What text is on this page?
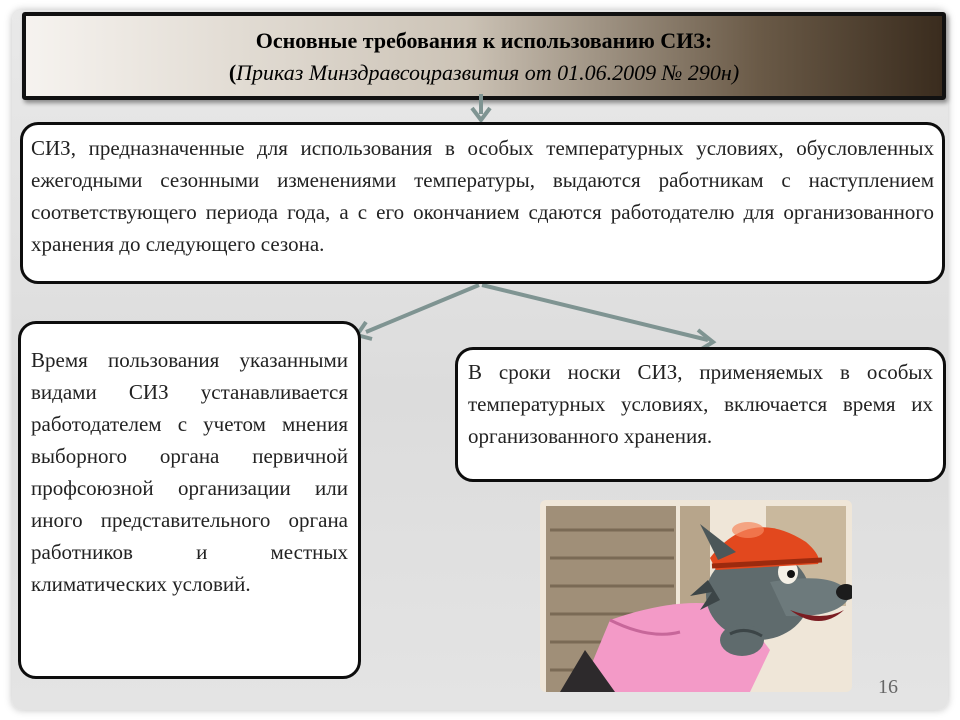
Основные требования к использованию СИЗ:
(Приказ Минздравсоцразвития от 01.06.2009 № 290н)
СИЗ, предназначенные для использования в особых температурных условиях, обусловленных ежегодными сезонными изменениями температуры, выдаются работникам с наступлением соответствующего периода года, а с его окончанием сдаются работодателю для организованного хранения до следующего сезона.
Время пользования указанными видами СИЗ устанавливается работодателем с учетом мнения выборного органа первичной профсоюзной организации или иного представительного органа работников и местных климатических условий.
В сроки носки СИЗ, применяемых в особых температурных условиях, включается время их организованного хранения.
16
